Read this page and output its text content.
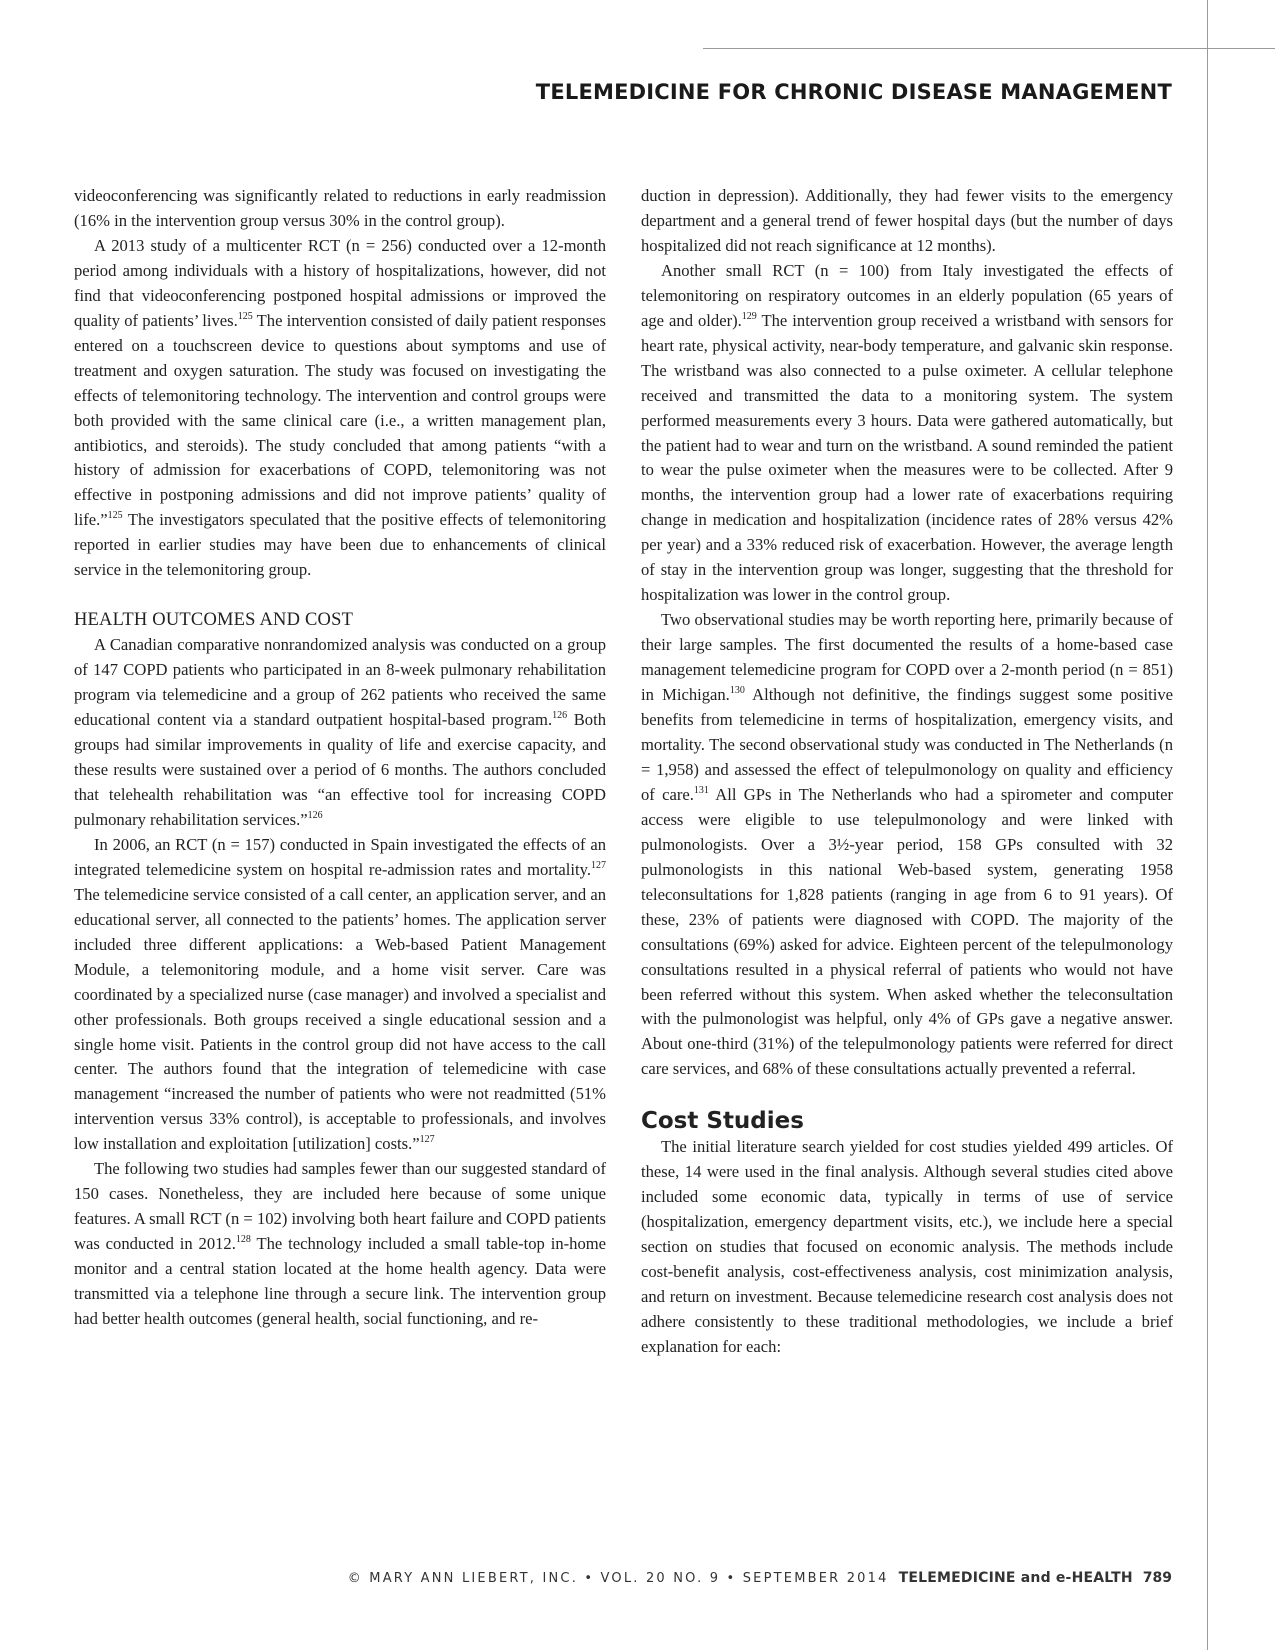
TELEMEDICINE FOR CHRONIC DISEASE MANAGEMENT

videoconferencing was significantly related to reductions in early readmission (16% in the intervention group versus 30% in the control group).

A 2013 study of a multicenter RCT (n = 256) conducted over a 12-month period among individuals with a history of hospitalizations, however, did not find that videoconferencing postponed hospital admissions or improved the quality of patients’ lives.$^{125}$ The intervention consisted of daily patient responses entered on a touchscreen device to questions about symptoms and use of treatment and oxygen saturation. The study was focused on investigating the effects of telemonitoring technology. The intervention and control groups were both provided with the same clinical care (i.e., a written management plan, antibiotics, and steroids). The study concluded that among patients “with a history of admission for exacerbations of COPD, telemonitoring was not effective in postponing admissions and did not improve patients’ quality of life.”$^{125}$ The investigators speculated that the positive effects of telemonitoring reported in earlier studies may have been due to enhancements of clinical service in the telemonitoring group.

HEALTH OUTCOMES AND COST

A Canadian comparative nonrandomized analysis was conducted on a group of 147 COPD patients who participated in an 8-week pulmonary rehabilitation program via telemedicine and a group of 262 patients who received the same educational content via a standard outpatient hospital-based program.$^{126}$ Both groups had similar improvements in quality of life and exercise capacity, and these results were sustained over a period of 6 months. The authors concluded that telehealth rehabilitation was “an effective tool for increasing COPD pulmonary rehabilitation services.”$^{126}$

In 2006, an RCT (n = 157) conducted in Spain investigated the effects of an integrated telemedicine system on hospital re-admission rates and mortality.$^{127}$ The telemedicine service consisted of a call center, an application server, and an educational server, all connected to the patients’ homes. The application server included three different applications: a Web-based Patient Management Module, a telemonitoring module, and a home visit server. Care was coordinated by a specialized nurse (case manager) and involved a specialist and other professionals. Both groups received a single educational session and a single home visit. Patients in the control group did not have access to the call center. The authors found that the integration of telemedicine with case management “increased the number of patients who were not readmitted (51% intervention versus 33% control), is acceptable to professionals, and involves low installation and exploitation [utilization] costs.”$^{127}$

The following two studies had samples fewer than our suggested standard of 150 cases. Nonetheless, they are included here because of some unique features. A small RCT (n = 102) involving both heart failure and COPD patients was conducted in 2012.$^{128}$ The technology included a small table-top in-home monitor and a central station located at the home health agency. Data were transmitted via a telephone line through a secure link. The intervention group had better health outcomes (general health, social functioning, and re-

duction in depression). Additionally, they had fewer visits to the emergency department and a general trend of fewer hospital days (but the number of days hospitalized did not reach significance at 12 months).

Another small RCT (n = 100) from Italy investigated the effects of telemonitoring on respiratory outcomes in an elderly population (65 years of age and older).$^{129}$ The intervention group received a wristband with sensors for heart rate, physical activity, near-body temperature, and galvanic skin response. The wristband was also connected to a pulse oximeter. A cellular telephone received and transmitted the data to a monitoring system. The system performed measurements every 3 hours. Data were gathered automatically, but the patient had to wear and turn on the wristband. A sound reminded the patient to wear the pulse oximeter when the measures were to be collected. After 9 months, the intervention group had a lower rate of exacerbations requiring change in medication and hospitalization (incidence rates of 28% versus 42% per year) and a 33% reduced risk of exacerbation. However, the average length of stay in the intervention group was longer, suggesting that the threshold for hospitalization was lower in the control group.

Two observational studies may be worth reporting here, primarily because of their large samples. The first documented the results of a home-based case management telemedicine program for COPD over a 2-month period (n = 851) in Michigan.$^{130}$ Although not definitive, the findings suggest some positive benefits from telemedicine in terms of hospitalization, emergency visits, and mortality. The second observational study was conducted in The Netherlands (n = 1,958) and assessed the effect of telepulmonology on quality and efficiency of care.$^{131}$ All GPs in The Netherlands who had a spirometer and computer access were eligible to use telepulmonology and were linked with pulmonologists. Over a 3½-year period, 158 GPs consulted with 32 pulmonologists in this national Web-based system, generating 1958 teleconsultations for 1,828 patients (ranging in age from 6 to 91 years). Of these, 23% of patients were diagnosed with COPD. The majority of the consultations (69%) asked for advice. Eighteen percent of the telepulmonology consultations resulted in a physical referral of patients who would not have been referred without this system. When asked whether the teleconsultation with the pulmonologist was helpful, only 4% of GPs gave a negative answer. About one-third (31%) of the telepulmonology patients were referred for direct care services, and 68% of these consultations actually prevented a referral.

Cost Studies

The initial literature search yielded for cost studies yielded 499 articles. Of these, 14 were used in the final analysis. Although several studies cited above included some economic data, typically in terms of use of service (hospitalization, emergency department visits, etc.), we include here a special section on studies that focused on economic analysis. The methods include cost-benefit analysis, cost-effectiveness analysis, cost minimization analysis, and return on investment. Because telemedicine research cost analysis does not adhere consistently to these traditional methodologies, we include a brief explanation for each:

© MARY ANN LIEBERT, INC. • VOL. 20 NO. 9 • SEPTEMBER 2014 TELEMEDICINE and e-HEALTH 789
